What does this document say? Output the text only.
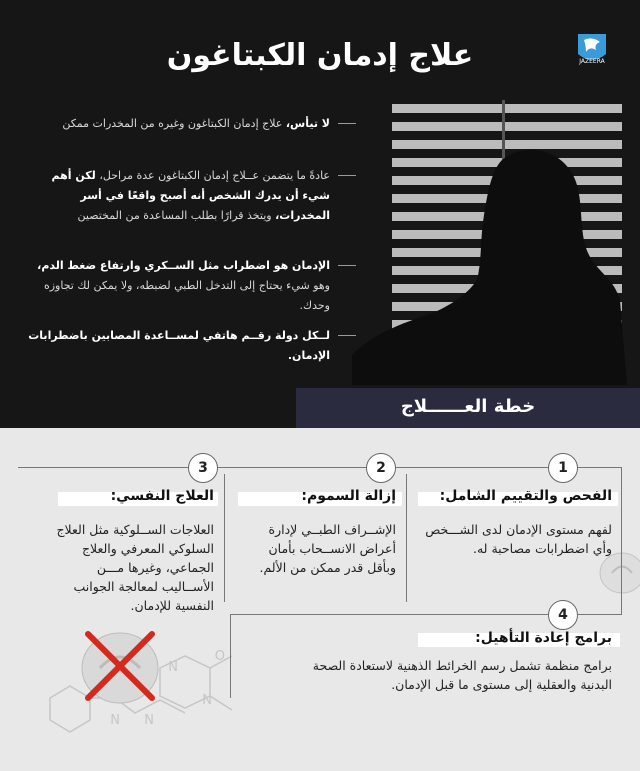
JAZEERA
علاج إدمان الكبتاغون
لا تيأس، علاج إدمان الكبتاغون وغيره من المخدرات ممكن
عادةً ما يتضمن عــلاج إدمان الكبتاغون عدة مراحل، لكن أهم شيء أن يدرك الشخص أنه أصبح واقعًا في أسر المخدرات، ويتخذ قرارًا بطلب المساعدة من المختصين
الإدمان هو اضطراب مثل الســكري وارتفاع ضغط الدم، وهو شيء يحتاج إلى التدخل الطبي لضبطه، ولا يمكن لك تجاوزه وحدك.
لــكل دولة رقــم هاتفي لمســاعدة المصابين باضطرابات الإدمان.
خطة العــــــلاج
O
N
N
N
N
1
2
3
4
الفحص والتقييم الشامل:
لفهم مستوى الإدمان لدى الشـــخص وأي اضطرابات مصاحبة له.
إزالة السموم:
الإشــراف الطبــي لإدارة أعراض الانســحاب بأمان وبأقل قدر ممكن من الألم.
العلاج النفسي:
العلاجات الســلوكية مثل العلاج السلوكي المعرفي والعلاج الجماعي، وغيرها مـــن الأســاليب لمعالجة الجوانب النفسية للإدمان.
برامج إعادة التأهيل:
برامج منظمة تشمل رسم الخرائط الذهنية لاستعادة الصحة البدنية والعقلية إلى مستوى ما قبل الإدمان.
